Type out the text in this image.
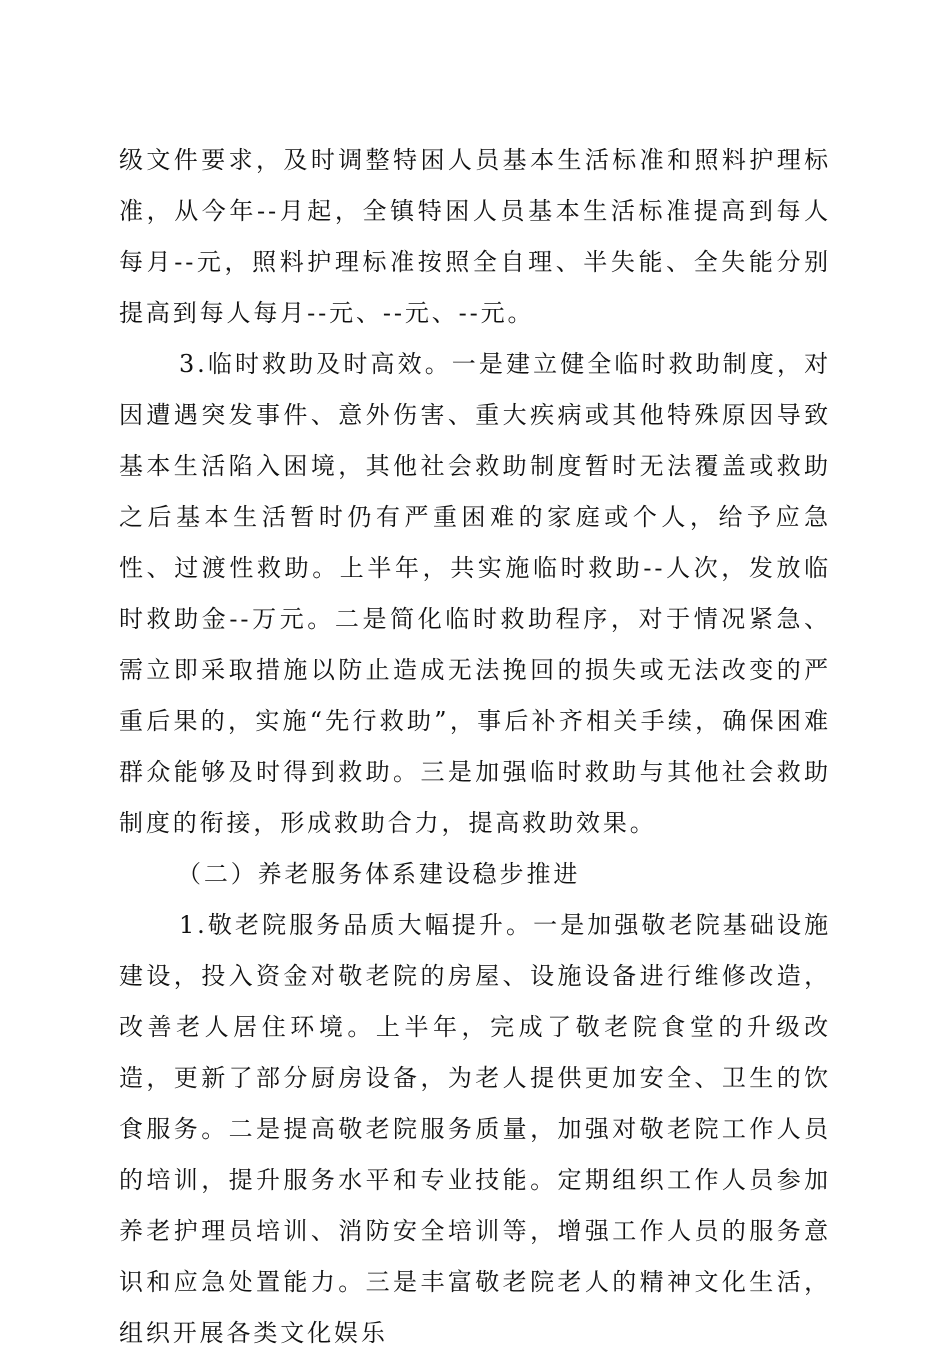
级文件要求，及时调整特困人员基本生活标准和照料护理标准，从今年--月起，全镇特困人员基本生活标准提高到每人每月--元，照料护理标准按照全自理、半失能、全失能分别提高到每人每月--元、--元、--元。

3.临时救助及时高效。一是建立健全临时救助制度，对因遭遇突发事件、意外伤害、重大疾病或其他特殊原因导致基本生活陷入困境，其他社会救助制度暂时无法覆盖或救助之后基本生活暂时仍有严重困难的家庭或个人，给予应急性、过渡性救助。上半年，共实施临时救助--人次，发放临时救助金--万元。二是简化临时救助程序，对于情况紧急、需立即采取措施以防止造成无法挽回的损失或无法改变的严重后果的，实施“先行救助”，事后补齐相关手续，确保困难群众能够及时得到救助。三是加强临时救助与其他社会救助制度的衔接，形成救助合力，提高救助效果。

（二）养老服务体系建设稳步推进

1.敬老院服务品质大幅提升。一是加强敬老院基础设施建设，投入资金对敬老院的房屋、设施设备进行维修改造，改善老人居住环境。上半年，完成了敬老院食堂的升级改造，更新了部分厨房设备，为老人提供更加安全、卫生的饮食服务。二是提高敬老院服务质量，加强对敬老院工作人员的培训，提升服务水平和专业技能。定期组织工作人员参加养老护理员培训、消防安全培训等，增强工作人员的服务意识和应急处置能力。三是丰富敬老院老人的精神文化生活，组织开展各类文化娱乐
